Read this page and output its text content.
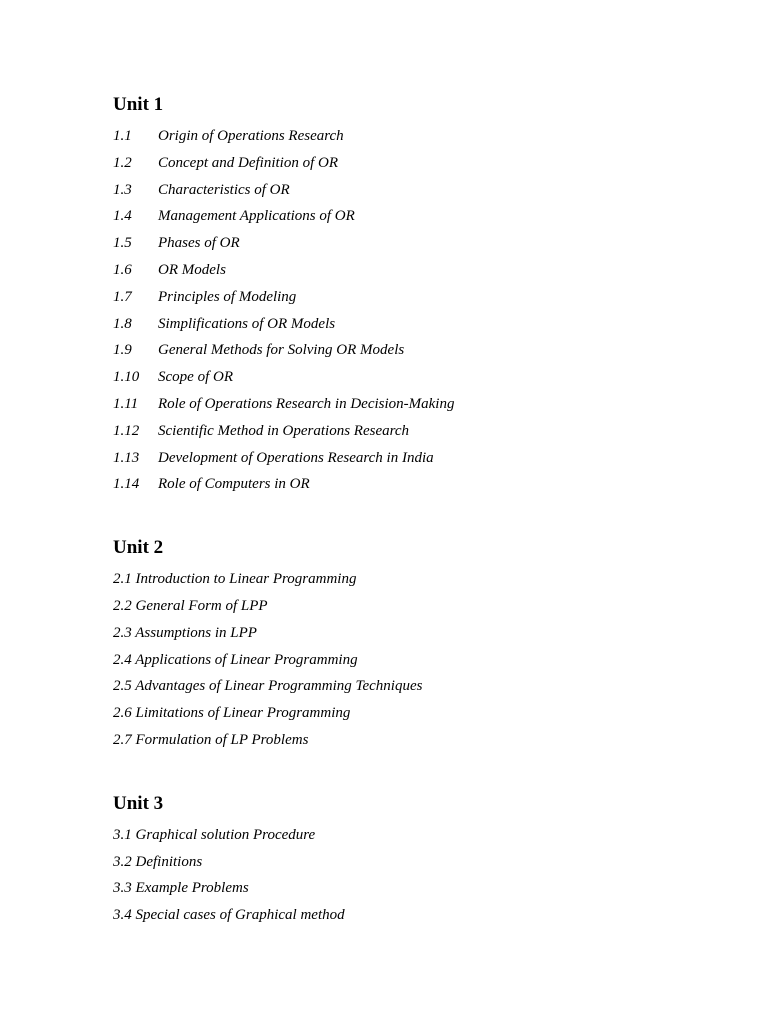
Unit 1
1.1 Origin of Operations Research
1.2 Concept and Definition of OR
1.3 Characteristics of OR
1.4 Management Applications of OR
1.5 Phases of OR
1.6 OR Models
1.7 Principles of Modeling
1.8 Simplifications of OR Models
1.9 General Methods for Solving OR Models
1.10 Scope of OR
1.11 Role of Operations Research in Decision-Making
1.12 Scientific Method in Operations Research
1.13 Development of Operations Research in India
1.14 Role of Computers in OR
Unit 2
2.1 Introduction to Linear Programming
2.2 General Form of LPP
2.3 Assumptions in LPP
2.4 Applications of Linear Programming
2.5 Advantages of Linear Programming Techniques
2.6 Limitations of Linear Programming
2.7 Formulation of LP Problems
Unit 3
3.1 Graphical solution Procedure
3.2 Definitions
3.3 Example Problems
3.4 Special cases of Graphical method
